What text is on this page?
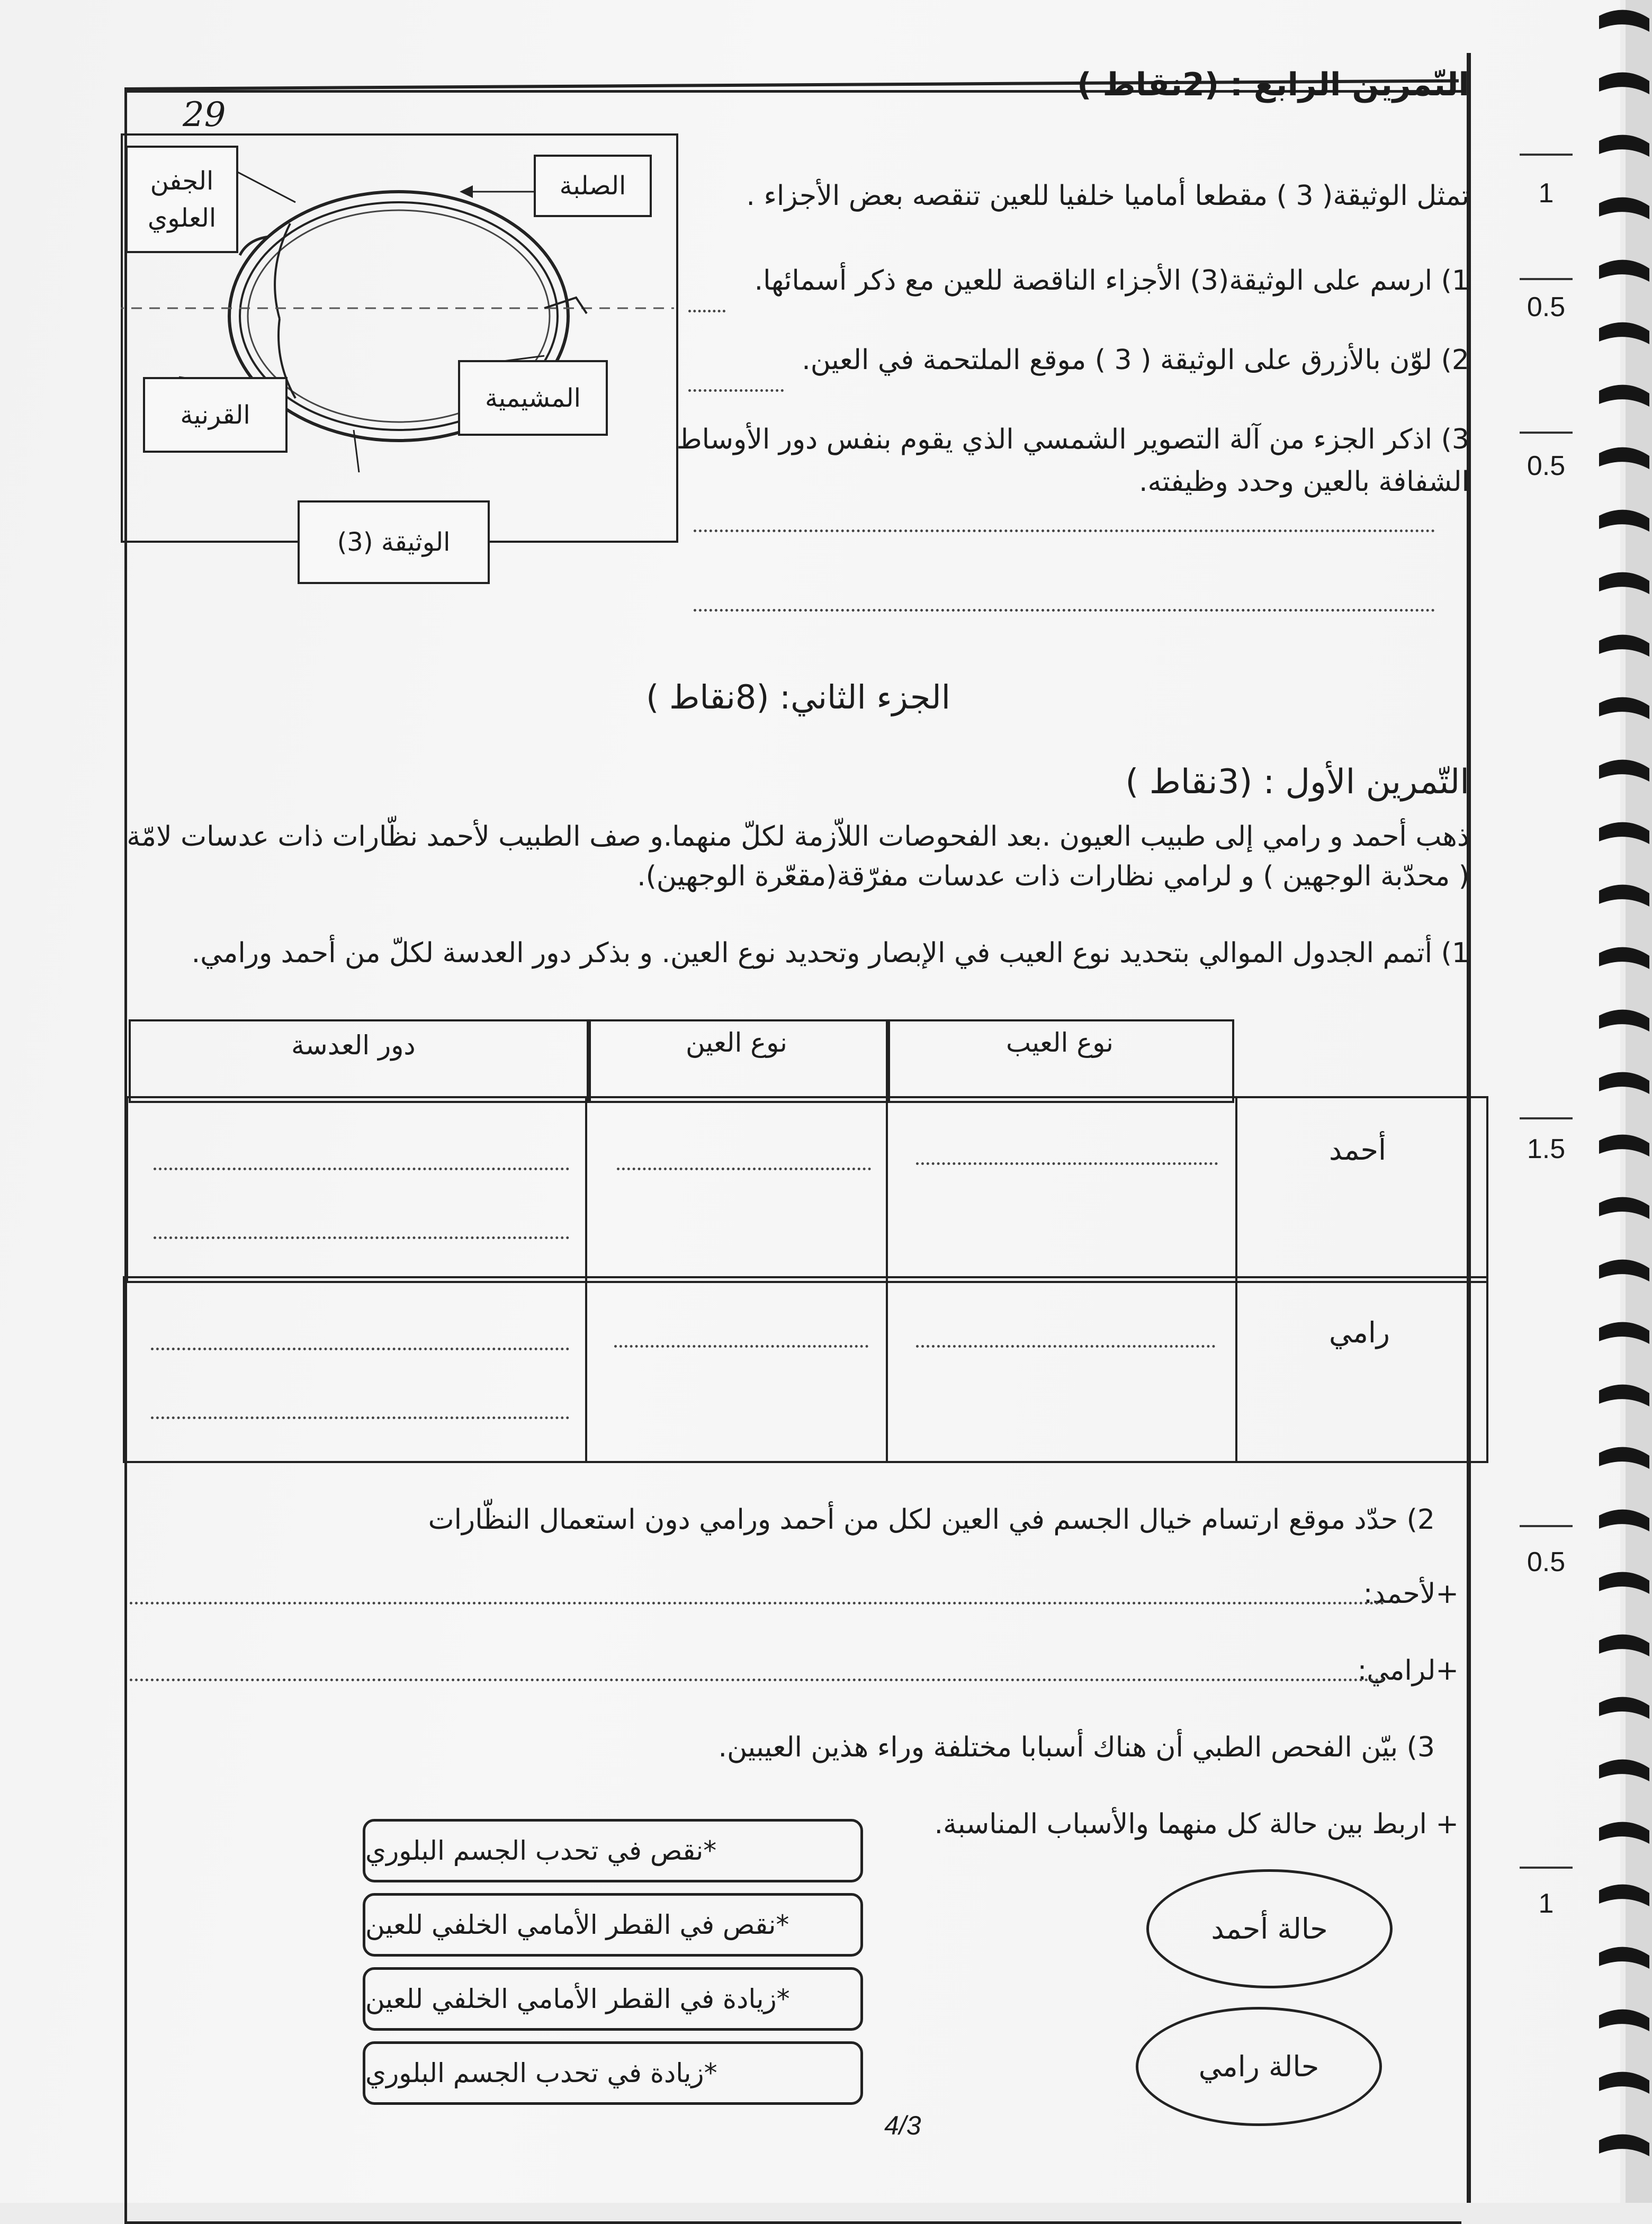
29
التّمرين الرابع : (2نقاط )
تمثل الوثيقة( 3 ) مقطعا أماميا خلفيا للعين تنقصه بعض الأجزاء .
1) ارسم على الوثيقة(3) الأجزاء الناقصة للعين مع ذكر أسمائها.
2) لوّن بالأزرق على الوثيقة ( 3 ) موقع الملتحمة في العين.
3) اذكر الجزء من آلة التصوير الشمسي الذي يقوم بنفس دور الأوساط
الشفافة بالعين وحدد وظيفته.
الجفن العلوي
الصلبة
القرنية
المشيمية
الوثيقة (3)
الجزء الثاني: (8نقاط )
التّمرين الأول : (3نقاط )
ذهب أحمد و رامي إلى طبيب العيون .بعد الفحوصات اللاّزمة لكلّ منهما.و صف الطبيب لأحمد نظّارات ذات عدسات لامّة
( محدّبة الوجهين ) و لرامي نظارات ذات عدسات مفرّقة(مقعّرة الوجهين).
1) أتمم الجدول الموالي بتحديد نوع العيب في الإبصار وتحديد نوع العين. و بذكر دور العدسة لكلّ من أحمد ورامي.
دور العدسة	نوع العين	نوع العيب
أحمد
رامي
2) حدّد موقع ارتسام خيال الجسم في العين لكل من أحمد ورامي دون استعمال النظّارات
+لأحمد:
+لرامي:
3) بيّن الفحص الطبي أن هناك أسبابا مختلفة وراء هذين العيبين.
+ اربط بين حالة كل منهما والأسباب المناسبة.
*نقص في تحدب الجسم البلوري
*نقص في القطر الأمامي الخلفي للعين
*زيادة في القطر الأمامي الخلفي للعين
*زيادة في تحدب الجسم البلوري
حالة أحمد
حالة رامي
4/3
1
0.5
0.5
1.5
0.5
1
